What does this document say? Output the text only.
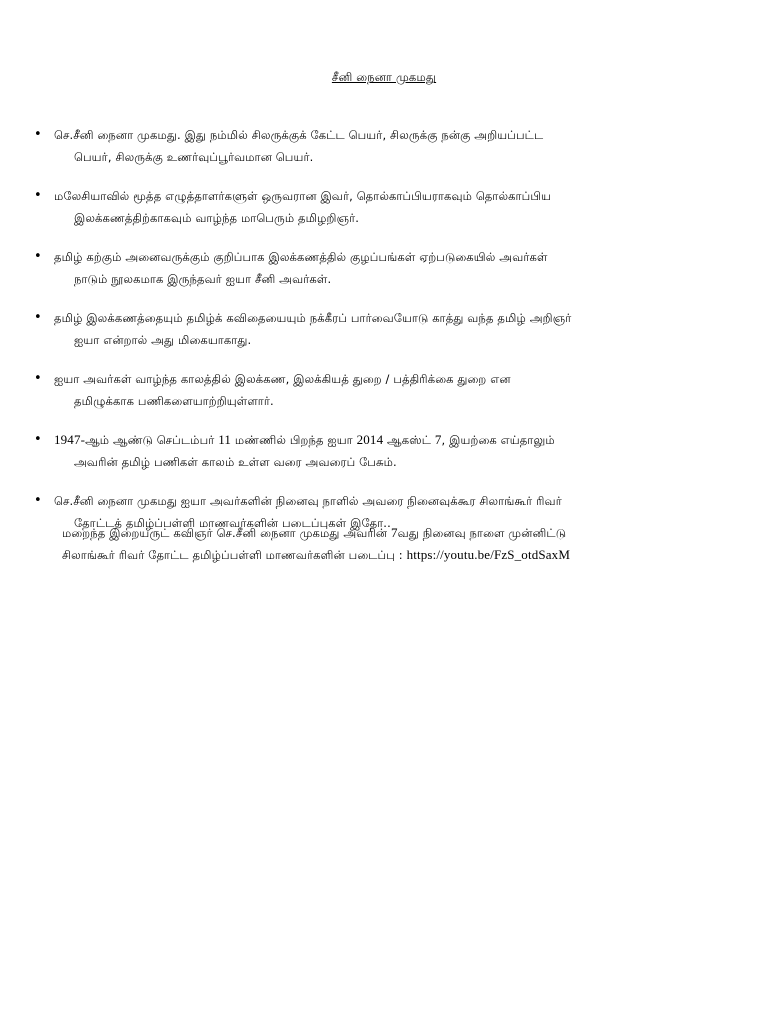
சீனி நைனா முகமது
• செ.சீனி நைனா முகமது. இது நம்மில் சிலருக்குக் கேட்ட பெயர், சிலருக்கு நன்கு அறியப்பட்ட
பெயர், சிலருக்கு உணர்வுப்பூர்வமான பெயர்.
• மலேசியாவில் மூத்த எழுத்தாளர்களுள் ஒருவரான இவர், தொல்காப்பியராகவும் தொல்காப்பிய
இலக்கணத்திற்காகவும் வாழ்ந்த மாபெரும் தமிழறிஞர்.
• தமிழ் கற்கும் அனைவருக்கும் குறிப்பாக இலக்கணத்தில் குழப்பங்கள் ஏற்படுகையில் அவர்கள்
நாடும் நூலகமாக இருந்தவர் ஐயா சீனி அவர்கள்.
• தமிழ் இலக்கணத்தையும் தமிழ்க் கவிதையையும் நக்கீரப் பார்வையோடு காத்து வந்த தமிழ் அறிஞர்
ஐயா என்றால் அது மிகையாகாது.
• ஐயா அவர்கள் வாழ்ந்த காலத்தில் இலக்கண, இலக்கியத் துறை / பத்திரிக்கை துறை என
தமிழுக்காக பணிகளையாற்றியுள்ளார்.
• 1947-ஆம் ஆண்டு செப்டம்பர் 11 மண்ணில் பிறந்த ஐயா 2014 ஆகஸ்ட் 7, இயற்கை எய்தாலும்
அவரின் தமிழ் பணிகள் காலம் உள்ள வரை அவரைப் பேசும்.
• செ.சீனி நைனா முகமது ஐயா அவர்களின் நினைவு நாளில் அவரை நினைவுக்கூர சிலாங்கூர் ரிவர்
தோட்டத் தமிழ்ப்பள்ளி மாணவர்களின் படைப்புகள் இதோ..
மறைந்த இறையருட் கவிஞர் செ.சீனி நைனா முகமது அவரின் 7வது நினைவு நாளை முன்னிட்டு
சிலாங்கூர் ரிவர் தோட்ட தமிழ்ப்பள்ளி மாணவர்களின் படைப்பு : https://youtu.be/FzS_otdSaxM
